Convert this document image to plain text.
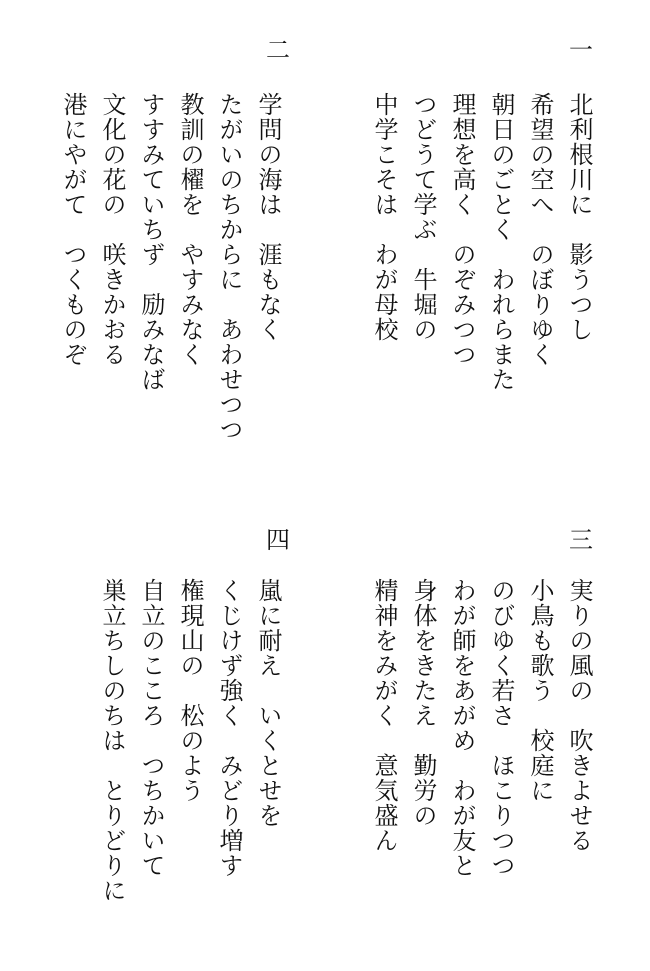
一
北利根川に　影うつし
希望の空へ　のぼりゆく
朝日のごとく　われらまた
理想を高く　のぞみつつ
つどうて学ぶ　牛堀の
中学こそは　わが母校
二
学問の海は　涯もなく
たがいのちからに　あわせつつ
教訓の櫂を　やすみなく
すすみていちず　励みなば
文化の花の　咲きかおる
港にやがて　つくものぞ
三
実りの風の　吹きよせる
小鳥も歌う　校庭に
のびゆく若さ　ほこりつつ
わが師をあがめ　わが友と
身体をきたえ　勤労の
精神をみがく　意気盛ん
四
嵐に耐え　いくとせを
くじけず強く　みどり増す
権現山の　松のよう
自立のこころ　つちかいて
巣立ちしのちは　とりどりに
